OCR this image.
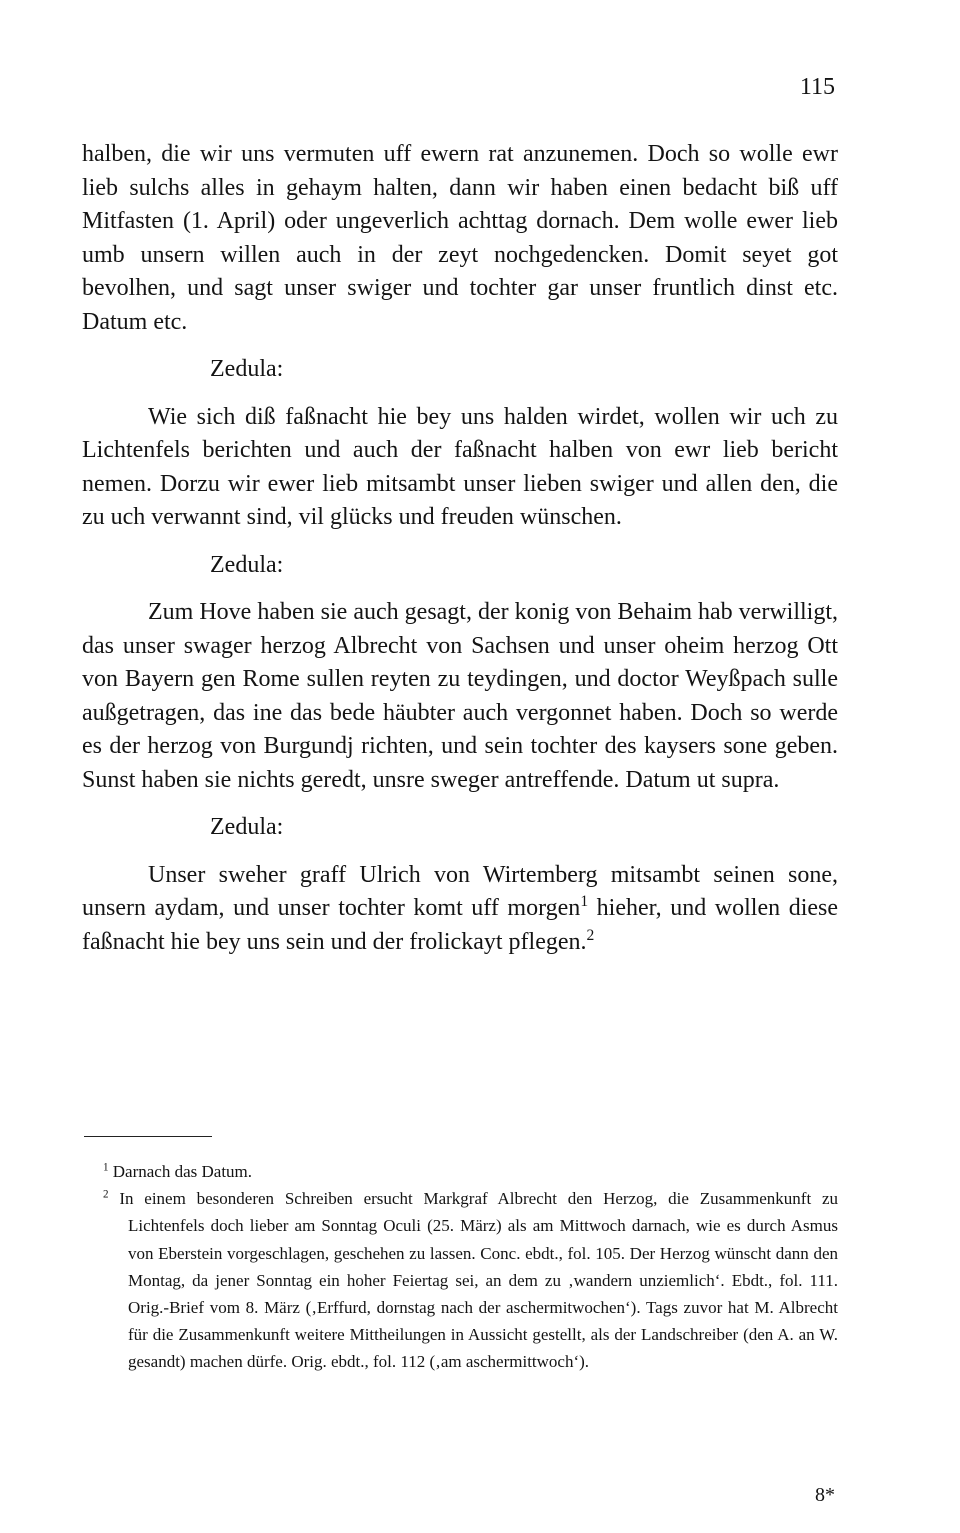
115

halben, die wir uns vermuten uff ewern rat anzunemen. Doch so wolle ewr lieb sulchs alles in gehaym halten, dann wir haben einen bedacht biß uff Mitfasten (1. April) oder ungeverlich achttag dornach. Dem wolle ewer lieb umb unsern willen auch in der zeyt nochgedencken. Domit seyet got bevolhen, und sagt unser swiger und tochter gar unser fruntlich dinst etc. Datum etc.

Zedula:

Wie sich diß faßnacht hie bey uns halden wirdet, wollen wir uch zu Lichtenfels berichten und auch der faßnacht halben von ewr lieb bericht nemen. Dorzu wir ewer lieb mitsambt unser lieben swiger und allen den, die zu uch verwannt sind, vil glücks und freuden wünschen.

Zedula:

Zum Hove haben sie auch gesagt, der konig von Behaim hab verwilligt, das unser swager herzog Albrecht von Sachsen und unser oheim herzog Ott von Bayern gen Rome sullen reyten zu teydingen, und doctor Weyßpach sulle außgetragen, das ine das bede häubter auch vergonnet haben. Doch so werde es der herzog von Burgundj richten, und sein tochter des kaysers sone geben. Sunst haben sie nichts geredt, unsre sweger antreffende. Datum ut supra.

Zedula:

Unser sweher graff Ulrich von Wirtemberg mitsambt seinen sone, unsern aydam, und unser tochter komt uff morgen$^1$ hieher, und wollen diese faßnacht hie bey uns sein und der frolickayt pflegen.$^2$

$^1$ Darnach das Datum.

$^2$ In einem besonderen Schreiben ersucht Markgraf Albrecht den Herzog, die Zusammenkunft zu Lichtenfels doch lieber am Sonntag Oculi (25. März) als am Mittwoch darnach, wie es durch Asmus von Eberstein vorgeschlagen, geschehen zu lassen. Conc. ebdt., fol. 105. Der Herzog wünscht dann den Montag, da jener Sonntag ein hoher Feiertag sei, an dem zu ‚wandern unziemlich‘. Ebdt., fol. 111. Orig.-Brief vom 8. März (‚Erffurd, dornstag nach der aschermitwochen‘). Tags zuvor hat M. Albrecht für die Zusammenkunft weitere Mittheilungen in Aussicht gestellt, als der Landschreiber (den A. an W. gesandt) machen dürfe. Orig. ebdt., fol. 112 (‚am aschermittwoch‘).

8*
